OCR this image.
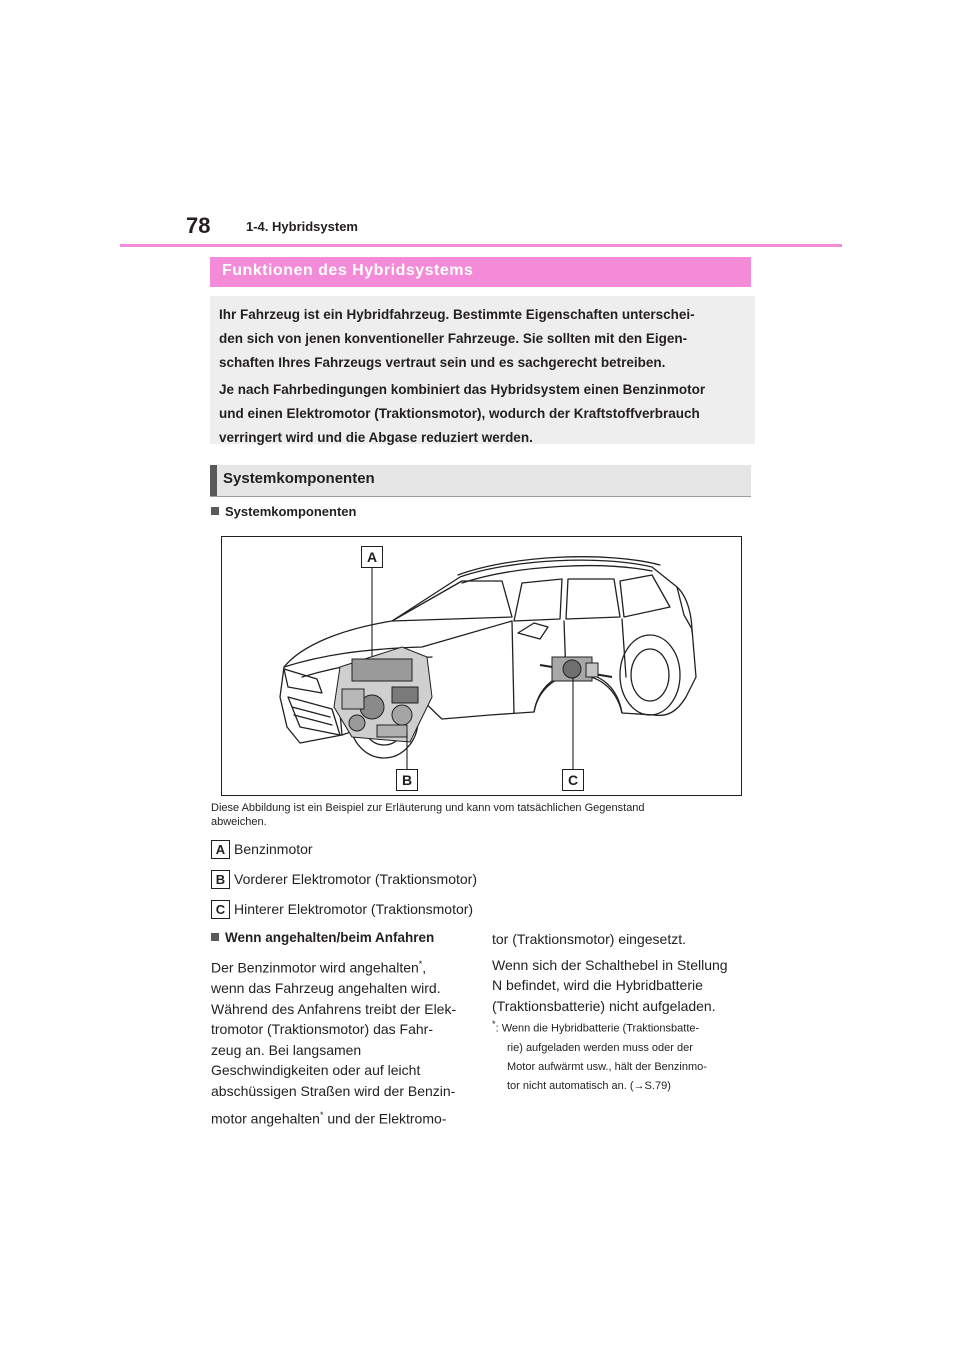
78	1-4. Hybridsystem
Funktionen des Hybridsystems

Ihr Fahrzeug ist ein Hybridfahrzeug. Bestimmte Eigenschaften unterschei-

den sich von jenen konventioneller Fahrzeuge. Sie sollten mit den Eigen-

schaften Ihres Fahrzeugs vertraut sein und es sachgerecht betreiben.

Je nach Fahrbedingungen kombiniert das Hybridsystem einen Benzinmotor

und einen Elektromotor (Traktionsmotor), wodurch der Kraftstoffverbrauch

verringert wird und die Abgase reduziert werden.

Systemkomponenten
Systemkomponenten
A
B	C
Diese Abbildung ist ein Beispiel zur Erläuterung und kann vom tatsächlichen Gegenstand
abweichen.
A Benzinmotor
B Vorderer Elektromotor (Traktionsmotor)
C Hinterer Elektromotor (Traktionsmotor)
Wenn angehalten/beim Anfahren
Der Benzinmotor wird angehalten*,
wenn das Fahrzeug angehalten wird.
Während des Anfahrens treibt der Elek-
tromotor (Traktionsmotor) das Fahr-
zeug an. Bei langsamen
Geschwindigkeiten oder auf leicht
abschüssigen Straßen wird der Benzin-
motor angehalten* und der Elektromo-
tor (Traktionsmotor) eingesetzt.
Wenn sich der Schalthebel in Stellung
N befindet, wird die Hybridbatterie
(Traktionsbatterie) nicht aufgeladen.
*: Wenn die Hybridbatterie (Traktionsbatte-
rie) aufgeladen werden muss oder der
Motor aufwärmt usw., hält der Benzinmo-
tor nicht automatisch an. (→S.79)
